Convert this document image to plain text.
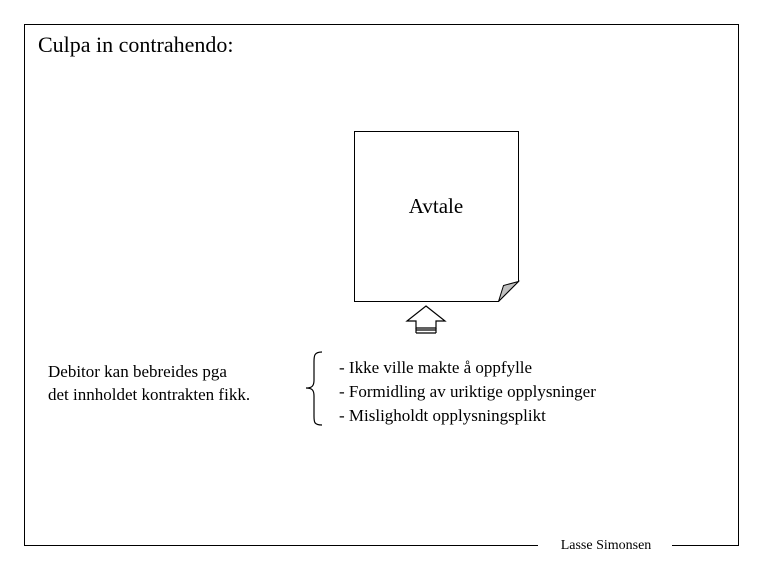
Lasse Simonsen
Culpa in contrahendo:
Avtale
Debitor kan bebreides pga
det innholdet kontrakten fikk.
- Ikke ville makte å oppfylle
- Formidling av uriktige opplysninger
- Misligholdt opplysningsplikt
